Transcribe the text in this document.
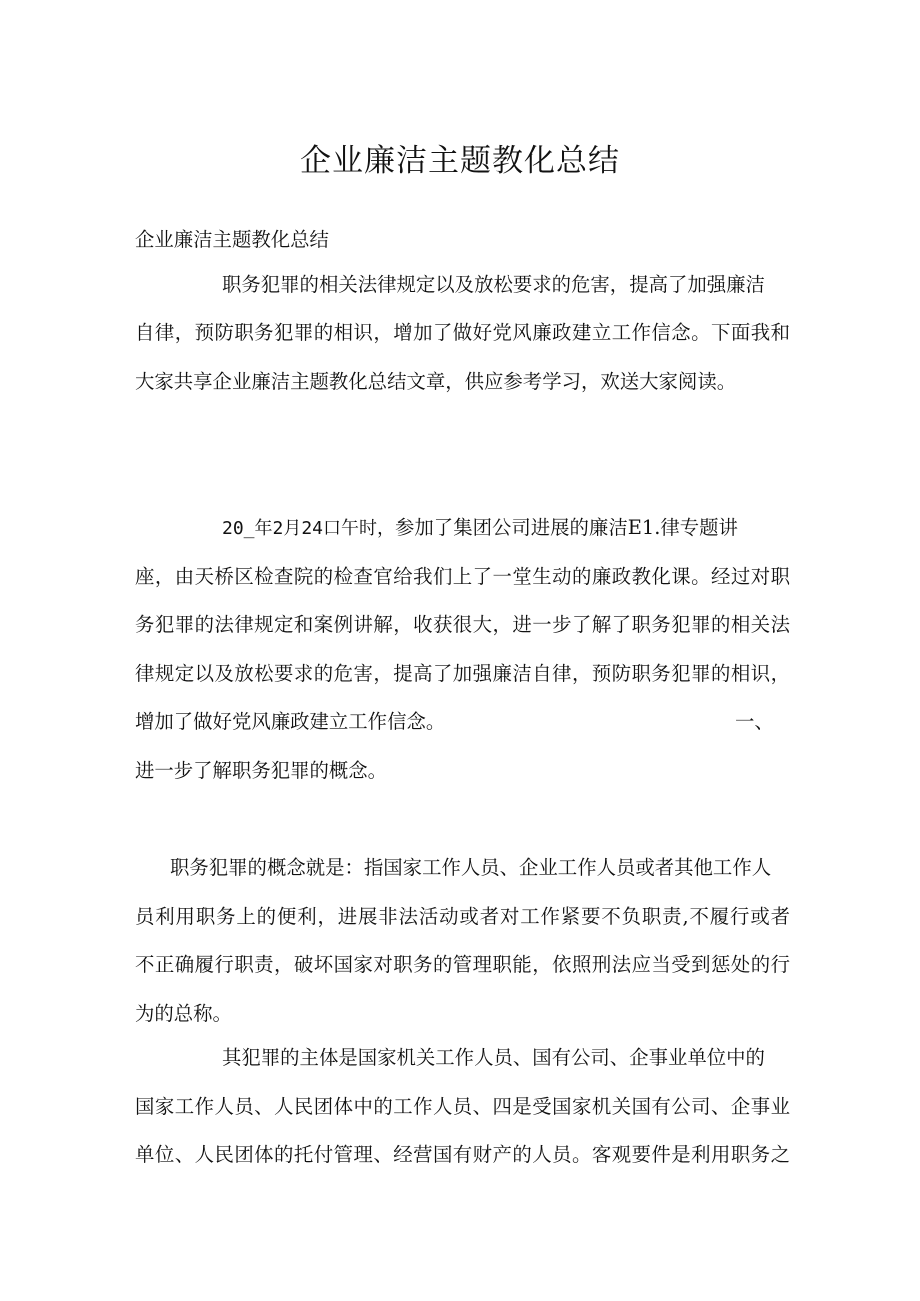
企业廉洁主题教化总结

企业廉洁主题教化总结

职务犯罪的相关法律规定以及放松要求的危害，提高了加强廉洁

自律，预防职务犯罪的相识，增加了做好党风廉政建立工作信念。下面我和

大家共享企业廉洁主题教化总结文章，供应参考学习，欢送大家阅读。

20_年2月24口午时，参加了集团公司进展的廉洁E1.律专题讲

座，由天桥区检查院的检查官给我们上了一堂生动的廉政教化课。经过对职

务犯罪的法律规定和案例讲解，收获很大，进一步了解了职务犯罪的相关法

律规定以及放松要求的危害，提高了加强廉洁自律，预防职务犯罪的相识，

增加了做好党风廉政建立工作信念。	一、

进一步了解职务犯罪的概念。

职务犯罪的概念就是：指国家工作人员、企业工作人员或者其他工作人

员利用职务上的便利，进展非法活动或者对工作紧要不负职责,不履行或者

不正确履行职责，破坏国家对职务的管理职能，依照刑法应当受到惩处的行

为的总称。

其犯罪的主体是国家机关工作人员、国有公司、企事业单位中的

国家工作人员、人民团体中的工作人员、四是受国家机关国有公司、企事业

单位、人民团体的托付管理、经营国有财产的人员。客观要件是利用职务之
